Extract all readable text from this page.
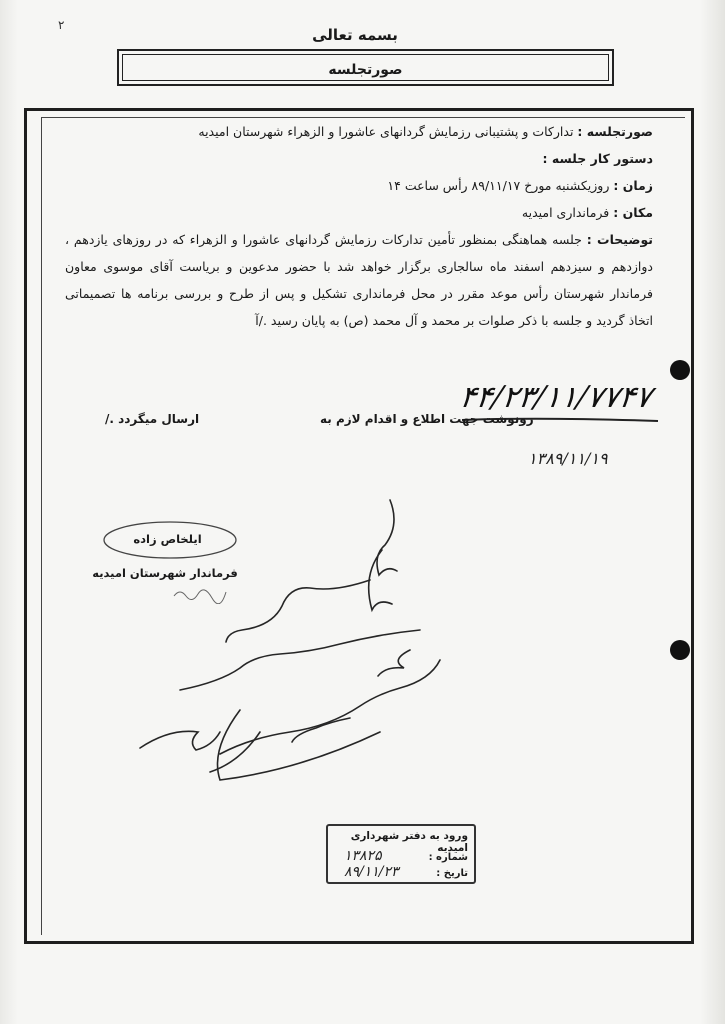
۲
بسمه تعالی
صورتجلسه
صورتجلسه : تدارکات و پشتیبانی رزمایش گردانهای عاشورا و الزهراء شهرستان امیدیه
دستور کار جلسه :
زمان : روزیکشنبه مورخ ۸۹/۱۱/۱۷ رأس ساعت ۱۴
مکان : فرمانداری امیدیه
توضیحات : جلسه هماهنگی بمنظور تأمین تدارکات رزمایش گردانهای عاشورا و الزهراء که در روزهای یازدهم ،
دوازدهم و سیزدهم اسفند ماه سالجاری برگزار خواهد شد با حضور مدعوین و بریاست آقای موسوی معاون
فرماندار شهرستان رأس موعد مقرر در محل فرمانداری تشکیل و پس از طرح و بررسی برنامه ها تصمیماتی
اتخاذ گردید و جلسه با ذکر صلوات بر محمد و آل محمد (ص) به پایان رسید ./آ
۴۴/۲۳/۱۱/۷۷۴۷
۱۳۸۹/۱۱/۱۹
رونوشت جهت اطلاع و اقدام لازم به
ارسال میگردد ./
ایلخاص زاده
فرماندار شهرستان امیدیه
ورود به دفتر شهرداری امیدیه
شماره :
۱۳۸۲۵
تاریخ :
۸۹/۱۱/۲۳
